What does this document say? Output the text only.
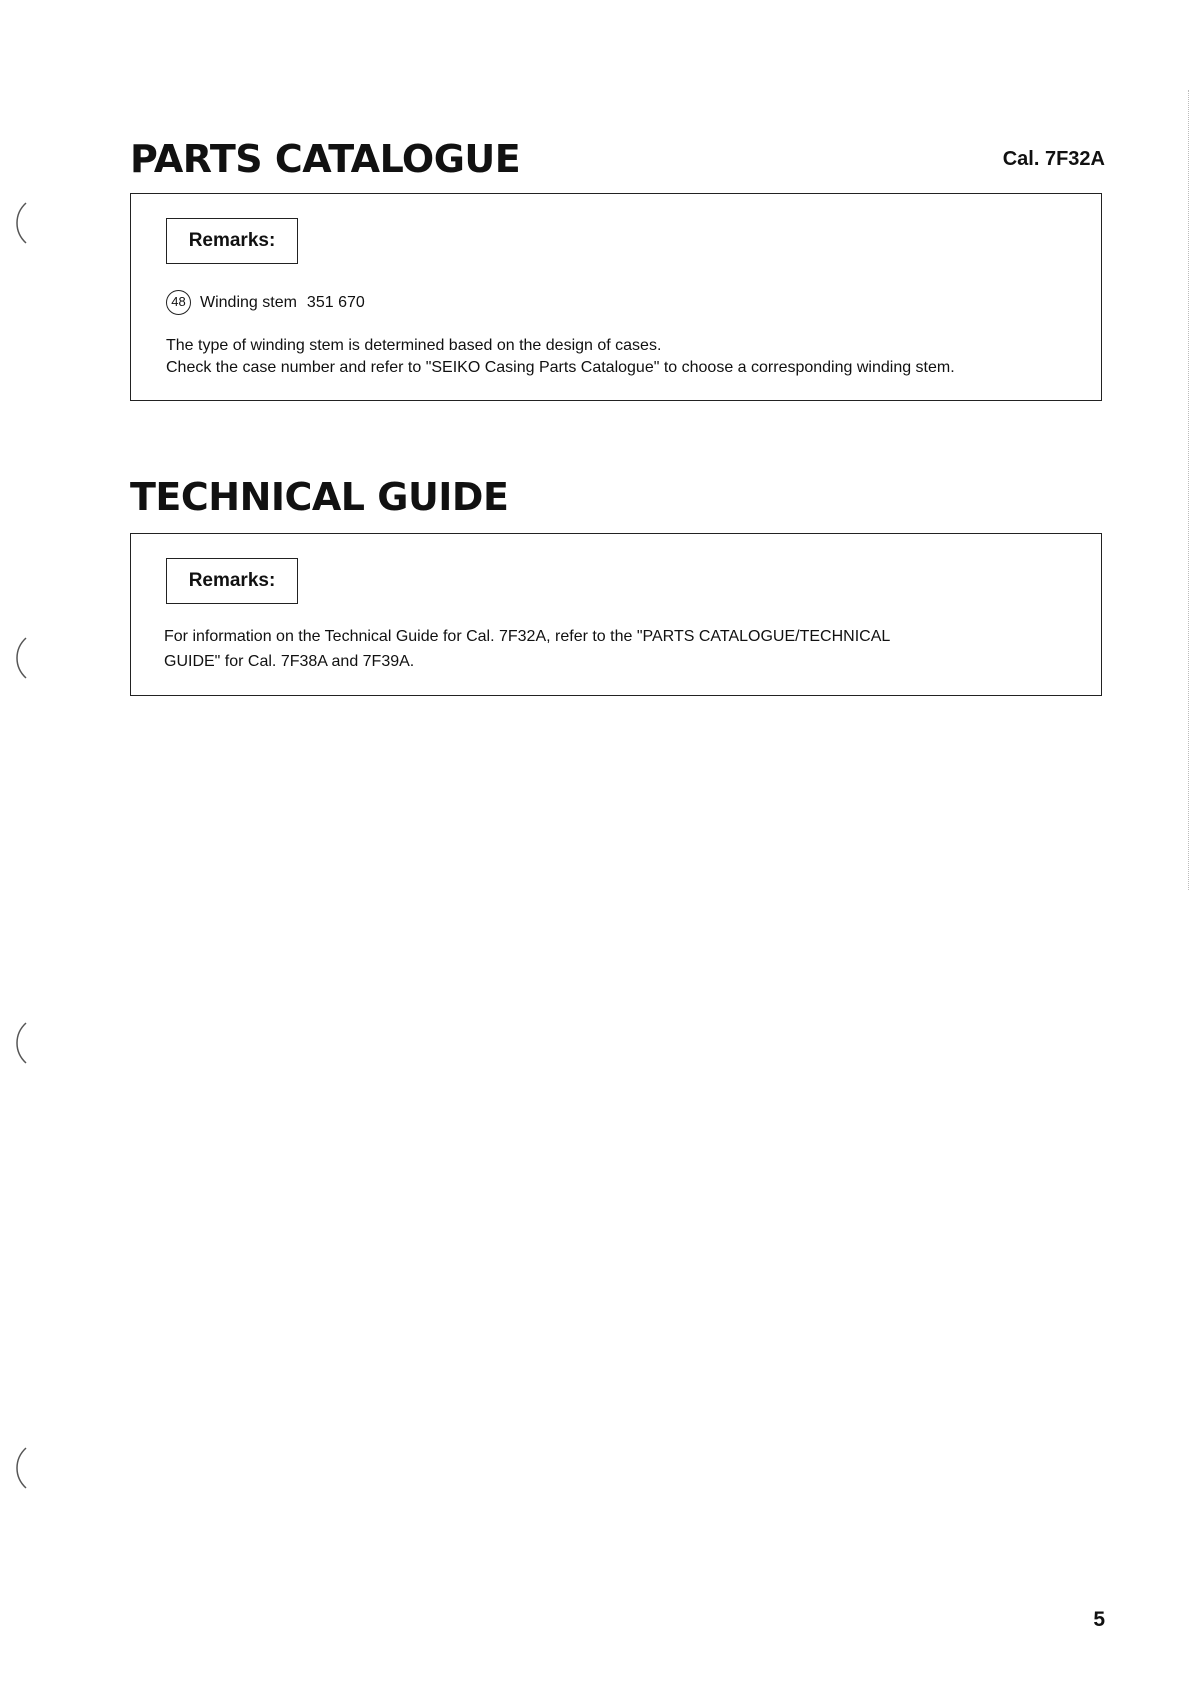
PARTS CATALOGUE	Cal. 7F32A
Remarks:
48 Winding stem 351 670

The type of winding stem is determined based on the design of cases.

Check the case number and refer to "SEIKO Casing Parts Catalogue" to choose a corresponding winding stem.

TECHNICAL GUIDE
Remarks:

For information on the Technical Guide for Cal. 7F32A, refer to the "PARTS CATALOGUE/TECHNICAL

GUIDE" for Cal. 7F38A and 7F39A.

5
